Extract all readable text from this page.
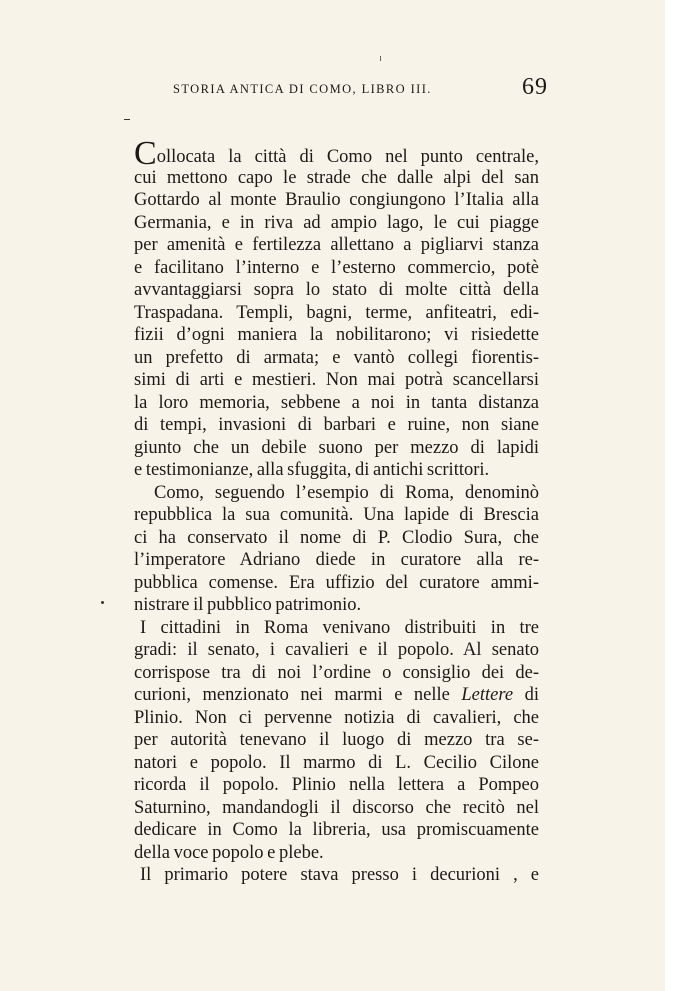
STORIA ANTICA DI COMO, LIBRO III.	69
Collocata la città di Como nel punto centrale,
cui mettono capo le strade che dalle alpi del san
Gottardo al monte Braulio congiungono l’Italia alla
Germania, e in riva ad ampio lago, le cui piagge
per amenità e fertilezza allettano a pigliarvi stanza
e facilitano l’interno e l’esterno commercio, potè
avvantaggiarsi sopra lo stato di molte città della
Traspadana. Templi, bagni, terme, anfiteatri, edi-
fizii d’ogni maniera la nobilitarono; vi risiedette
un prefetto di armata; e vantò collegi fiorentis-
simi di arti e mestieri. Non mai potrà scancellarsi
la loro memoria, sebbene a noi in tanta distanza
di tempi, invasioni di barbari e ruine, non siane
giunto che un debile suono per mezzo di lapidi
e testimonianze, alla sfuggita, di antichi scrittori.
Como, seguendo l’esempio di Roma, denominò
repubblica la sua comunità. Una lapide di Brescia
ci ha conservato il nome di P. Clodio Sura, che
l’imperatore Adriano diede in curatore alla re-
pubblica comense. Era uffizio del curatore ammi-
nistrare il pubblico patrimonio.
I cittadini in Roma venivano distribuiti in tre
gradi: il senato, i cavalieri e il popolo. Al senato
corrispose tra di noi l’ordine o consiglio dei de-
curioni, menzionato nei marmi e nelle Lettere di
Plinio. Non ci pervenne notizia di cavalieri, che
per autorità tenevano il luogo di mezzo tra se-
natori e popolo. Il marmo di L. Cecilio Cilone
ricorda il popolo. Plinio nella lettera a Pompeo
Saturnino, mandandogli il discorso che recitò nel
dedicare in Como la libreria, usa promiscuamente
della voce popolo e plebe.
Il primario potere stava presso i decurioni , e
